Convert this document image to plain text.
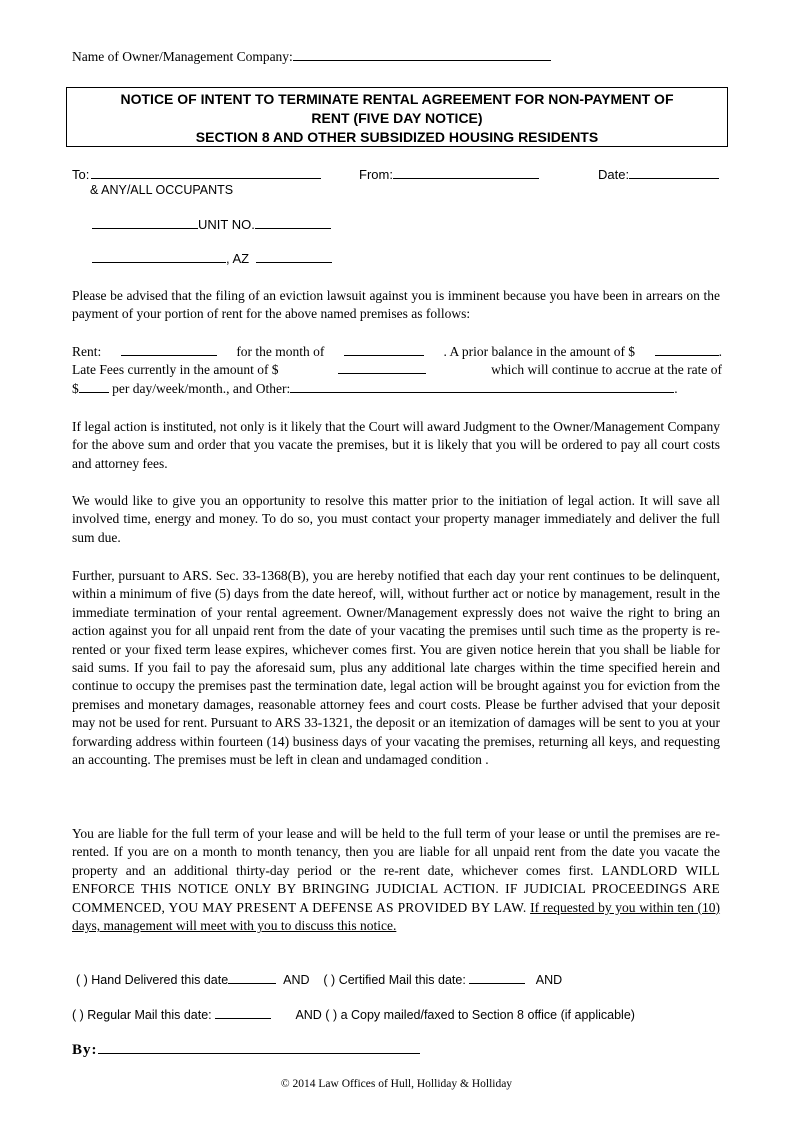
Name of Owner/Management Company:
NOTICE OF INTENT TO TERMINATE RENTAL AGREEMENT FOR NON-PAYMENT OF
RENT (FIVE DAY NOTICE)
SECTION 8 AND OTHER SUBSIDIZED HOUSING RESIDENTS
To:	From:	Date:
& ANY/ALL OCCUPANTS
UNIT NO.
, AZ
Please be advised that the filing of an eviction lawsuit against you is imminent because you have been in arrears on the payment of your portion of rent for the above named premises as follows:
Rent:	for the month of	. A prior balance in the amount of $	.
Late Fees currently in the amount of $	which will continue to accrue at the rate of
$ per day/week/month., and Other:	.
If legal action is instituted, not only is it likely that the Court will award Judgment to the Owner/Management Company for the above sum and order that you vacate the premises, but it is likely that you will be ordered to pay all court costs and attorney fees.
We would like to give you an opportunity to resolve this matter prior to the initiation of legal action. It will save all involved time, energy and money. To do so, you must contact your property manager immediately and deliver the full sum due.
Further, pursuant to ARS. Sec. 33-1368(B), you are hereby notified that each day your rent continues to be delinquent, within a minimum of five (5) days from the date hereof, will, without further act or notice by management, result in the immediate termination of your rental agreement. Owner/Management expressly does not waive the right to bring an action against you for all unpaid rent from the date of your vacating the premises until such time as the property is re-rented or your fixed term lease expires, whichever comes first. You are given notice herein that you shall be liable for said sums. If you fail to pay the aforesaid sum, plus any additional late charges within the time specified herein and continue to occupy the premises past the termination date, legal action will be brought against you for eviction from the premises and monetary damages, reasonable attorney fees and court costs. Please be further advised that your deposit may not be used for rent. Pursuant to ARS 33-1321, the deposit or an itemization of damages will be sent to you at your forwarding address within fourteen (14) business days of your vacating the premises, returning all keys, and requesting an accounting. The premises must be left in clean and undamaged condition .
You are liable for the full term of your lease and will be held to the full term of your lease or until the premises are re-rented. If you are on a month to month tenancy, then you are liable for all unpaid rent from the date you vacate the property and an additional thirty-day period or the re-rent date, whichever comes first. LANDLORD WILL ENFORCE THIS NOTICE ONLY BY BRINGING JUDICIAL ACTION. IF JUDICIAL PROCEEDINGS ARE COMMENCED, YOU MAY PRESENT A DEFENSE AS PROVIDED BY LAW. If requested by you within ten (10) days, management will meet with you to discuss this notice.
( ) Hand Delivered this date	AND ( ) Certified Mail this date:	AND
( ) Regular Mail this date:	AND ( ) a Copy mailed/faxed to Section 8 office (if applicable)
By:
© 2014 Law Offices of Hull, Holliday & Holliday
